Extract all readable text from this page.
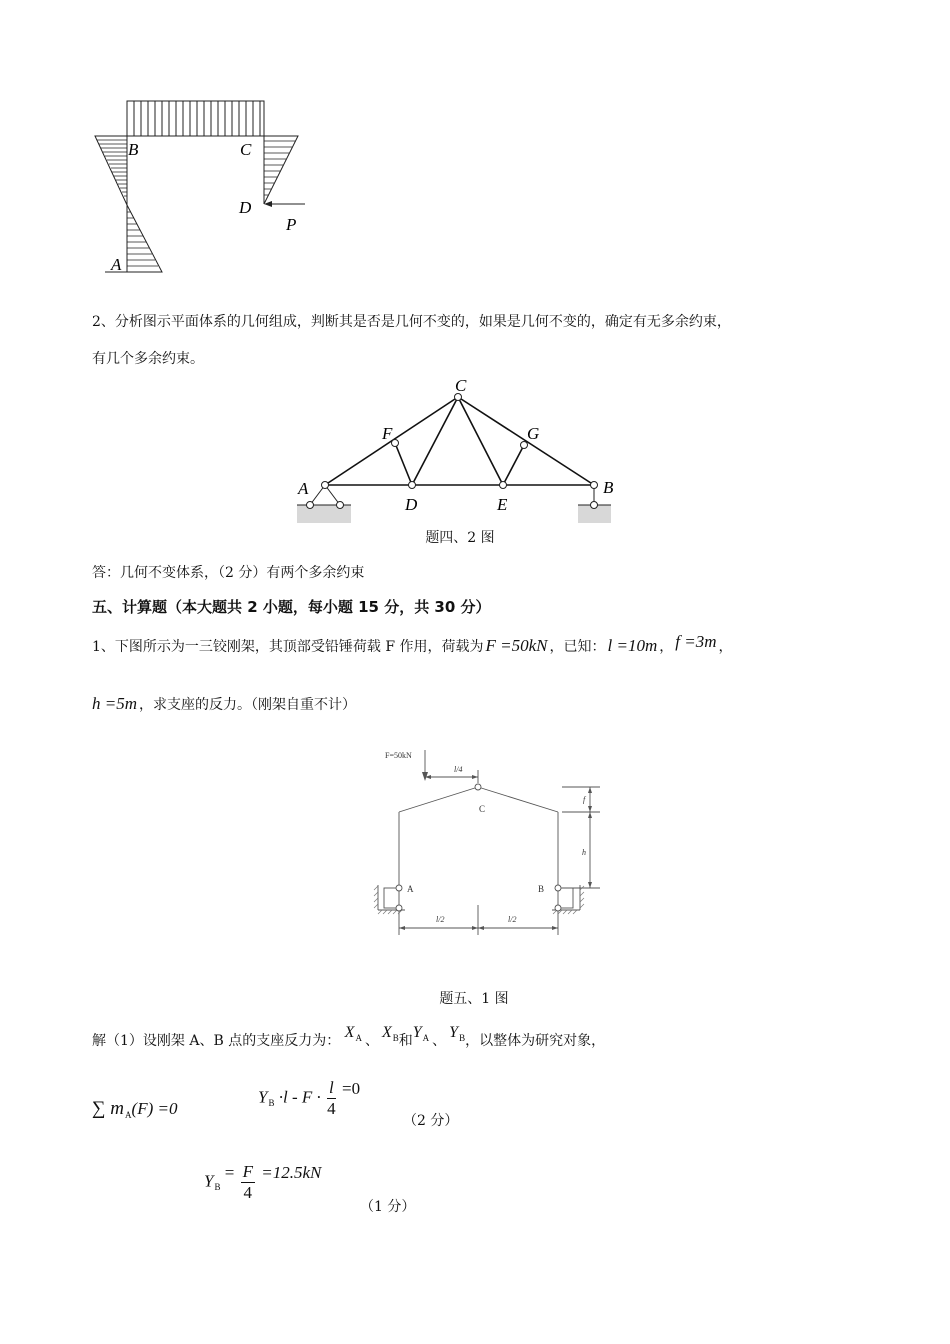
B	C
D
P
A
2、分析图示平面体系的几何组成，判断其是否是几何不变的，如果是几何不变的，确定有无多余约束，
有几个多余约束。
C
F	G
A	B
D	E
题四、2 图
答：几何不变体系，（2 分）有两个多余约束
五、计算题（本大题共 2 小题，每小题 15 分，共 30 分）
1、下图所示为一三铰刚架，其顶部受铅锤荷载 F 作用，荷载为 F =50kN ，已知： l =10m ， f =3m ，
h =5m ，求支座的反力。（刚架自重不计）
F=50kN
l/4
C
A	B
f
h
l/2	l/2
题五、1 图
解（1）设刚架 A、B 点的支座反力为： $X_A$ 、 $X_B$和$Y_A$ 、 $Y_B$，以整体为研究对象，
∑ $m_A(F) =0$
$Y_B \cdot l - F \cdot \frac{l}{4} =0$
（2 分）
$Y_B = \frac{F}{4} =12.5kN$
（1 分）
